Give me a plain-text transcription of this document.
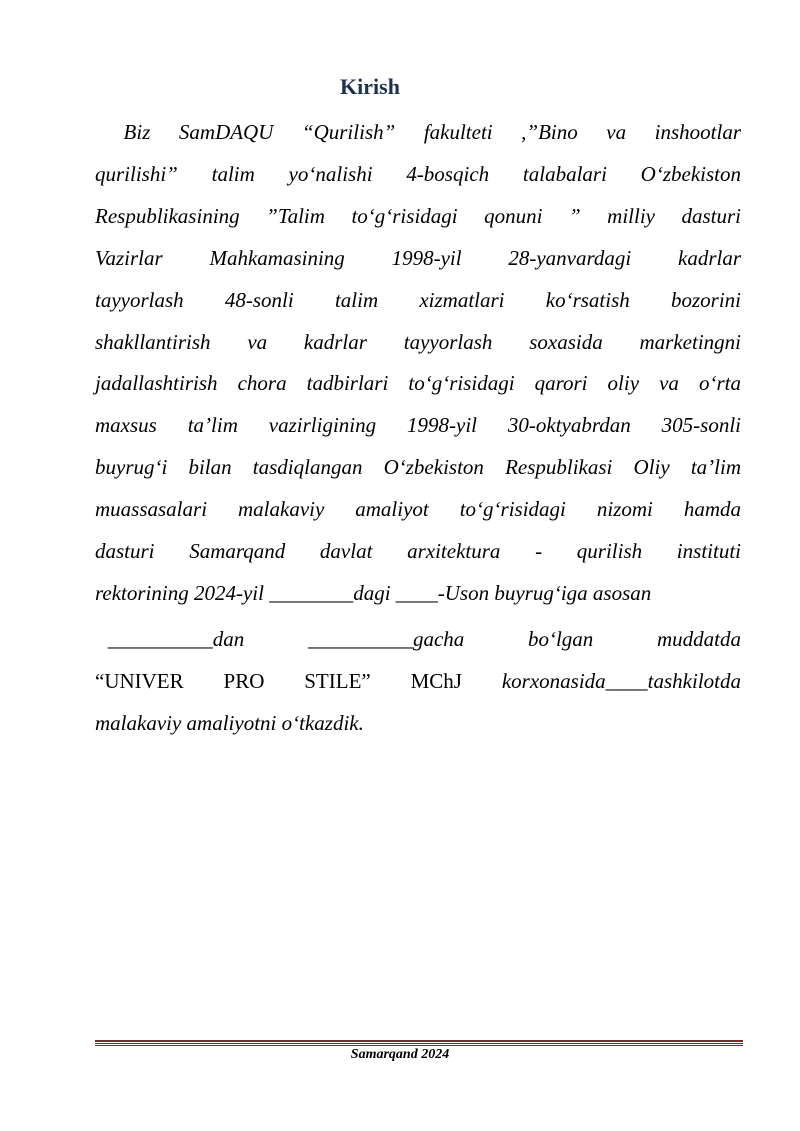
Kirish
Biz SamDAQU “Qurilish” fakulteti ,”Bino va inshootlar
qurilishi” talim yo‘nalishi 4-bosqich talabalari O‘zbekiston
Respublikasining ”Talim to‘g‘risidagi qonuni ” milliy dasturi
Vazirlar Mahkamasining 1998-yil 28-yanvardagi kadrlar
tayyorlash 48-sonli talim xizmatlari ko‘rsatish bozorini
shakllantirish va kadrlar tayyorlash soxasida marketingni
jadallashtirish chora tadbirlari to‘g‘risidagi qarori oliy va o‘rta
maxsus ta’lim vazirligining 1998-yil 30-oktyabrdan 305-sonli
buyrug‘i bilan tasdiqlangan O‘zbekiston Respublikasi Oliy ta’lim
muassasalari malakaviy amaliyot to‘g‘risidagi nizomi hamda
dasturi Samarqand davlat arxitektura - qurilish instituti
rektorining 2024-yil ________dagi ____-Uson buyrug‘iga asosan
__________dan     __________gacha     bo‘lgan     muddatda
“UNIVER PRO STILE” MChJ korxonasida____tashkilotda
malakaviy amaliyotni o‘tkazdik.
Samarqand 2024
